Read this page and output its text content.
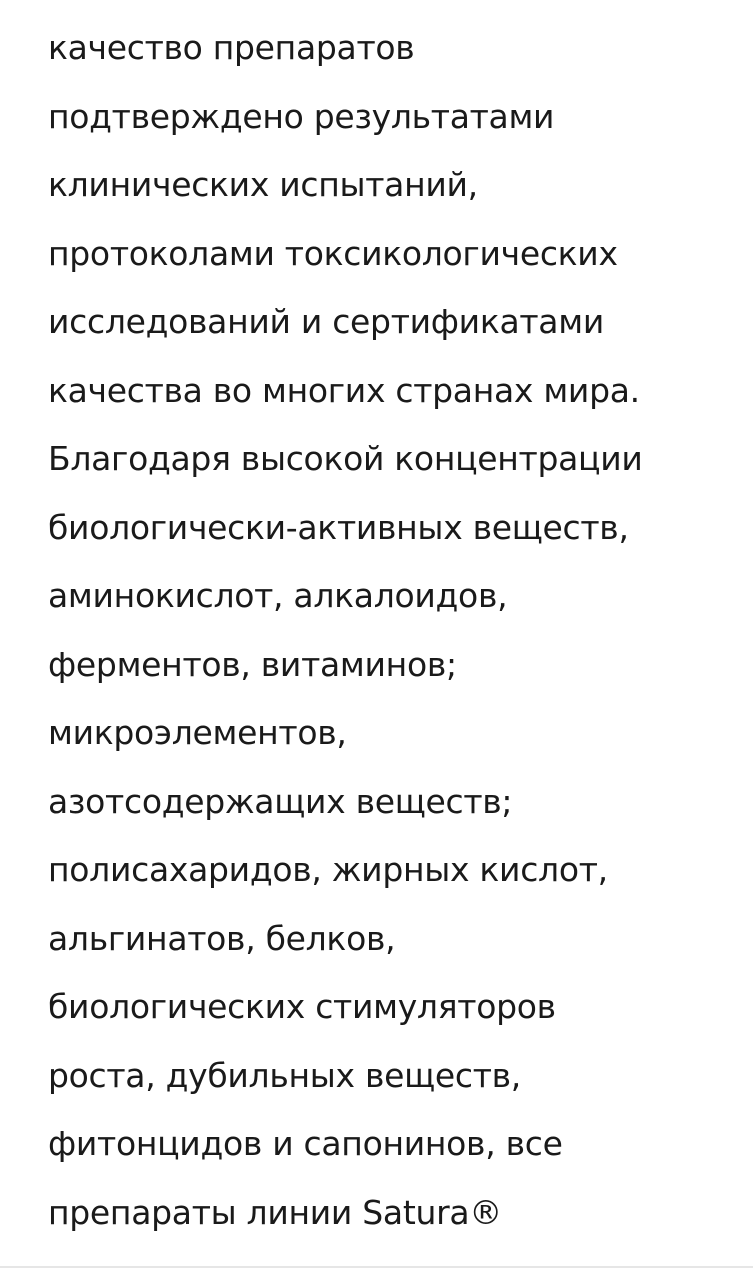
качество препаратов
подтверждено результатами
клинических испытаний,
протоколами токсикологических
исследований и сертификатами
качества во многих странах мира.
Благодаря высокой концентрации
биологически-активных веществ,
аминокислот, алкалоидов,
ферментов, витаминов;
микроэлементов,
азотсодержащих веществ;
полисахаридов, жирных кислот,
альгинатов, белков,
биологических стимуляторов
роста, дубильных веществ,
фитонцидов и сапонинов, все
препараты линии Satura®
